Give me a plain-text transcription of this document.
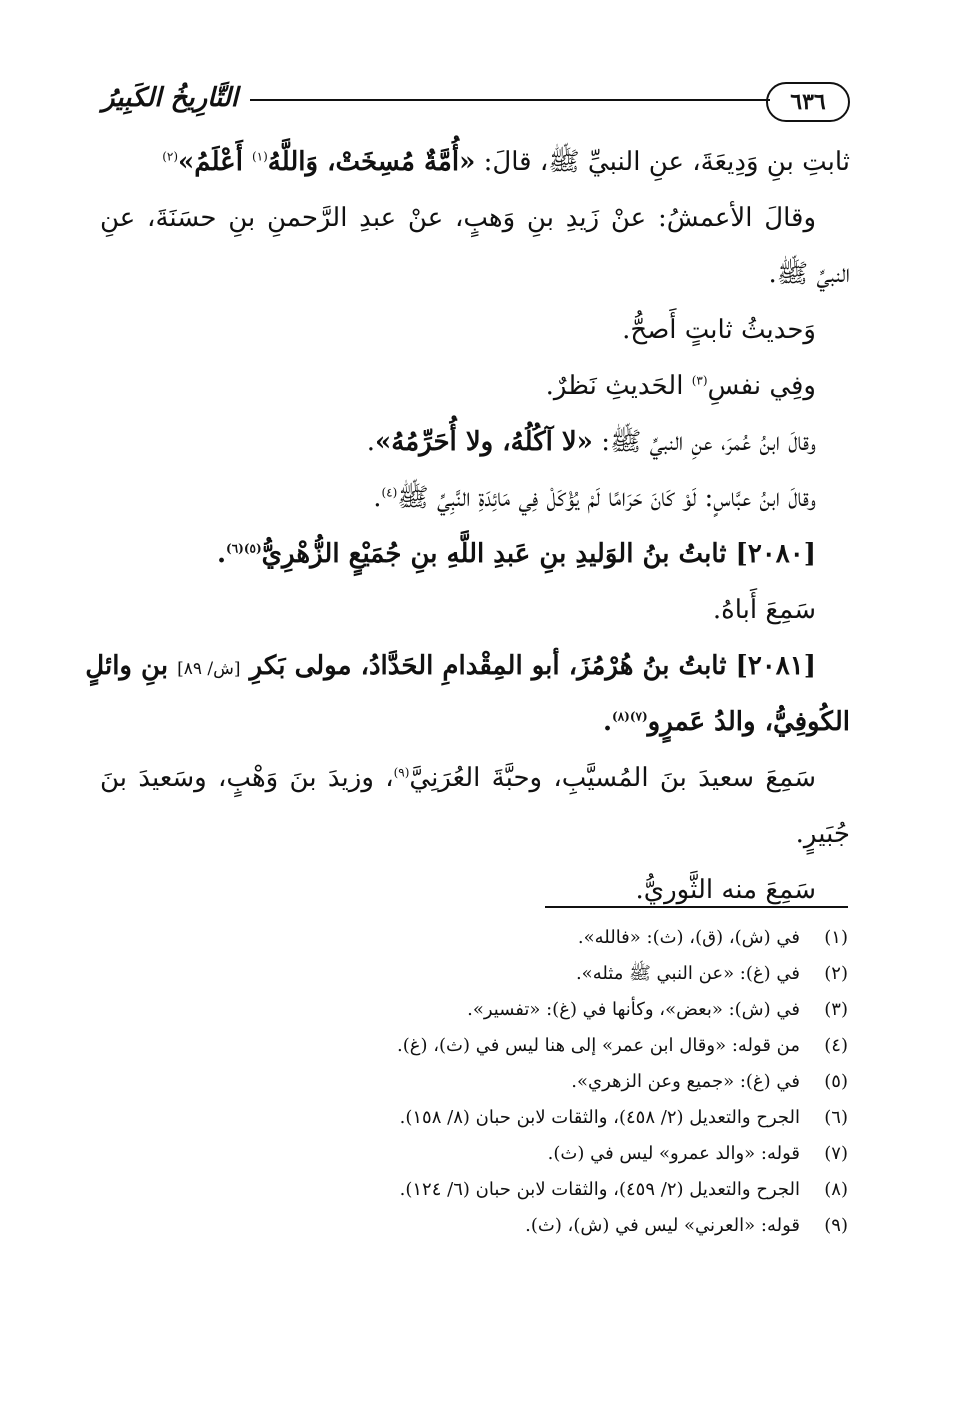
٦٣٦
التَّارِيخُ الكَبِيرُ
ثابتِ بنِ وَدِيعَةَ، عنِ النبيِّ ﷺ، قالَ: «أُمَّةٌ مُسِخَتْ، وَاللَّهُ$^{(١)}$ أَعْلَمُ»$^{(٢)}$
وقالَ الأعمشُ: عنْ زَيدِ بنِ وَهبٍ، عنْ عبدِ الرَّحمنِ بنِ حسَنَةَ، عنِ
النبيِّ ﷺ.
وَحديثُ ثابتٍ أَصحُّ.
وفِي نفسِ$^{(٣)}$ الحَديثِ نَظرٌ.
وقالَ ابنُ عُمرَ، عنِ النبيِّ ﷺ: «لا آكُلُهُ، ولا أُحَرِّمُهُ».
وقالَ ابنُ عبَّاسٍ: لَوْ كَانَ حَرَامًا لَمْ يُؤْكَلْ فِي مَائِدَةِ النَّبِيِّ ﷺ$^{(٤)}$.
[٢٠٨٠] ثابتُ بنُ الوَليدِ بنِ عَبدِ اللَّهِ بنِ جُمَيْعٍ الزُّهْرِيُّ$^{(٥)(٦)}$.
سَمِعَ أَباهُ.
[٢٠٨١] ثابتُ بنُ هُرْمُزَ، أبو المِقْدامِ الحَدَّادُ، مولى بَكرِ [ش/ ٨٩] بنِ وائلٍ
الكُوفِيُّ، والدُ عَمرٍو$^{(٧)(٨)}$.
سَمِعَ سعيدَ بنَ المُسيَّبِ، وحبَّةَ العُرَنِيَّ$^{(٩)}$، وزيدَ بنَ وَهْبٍ، وسَعيدَ بنَ
جُبَيرٍ.
سَمِعَ منه الثَّوريُّ.
(١)في (ش)، (ق)، (ث): «فالله».
(٢)في (غ): «عن النبي ﷺ مثله».
(٣)في (ش): «بعض»، وكأنها في (غ): «تفسير».
(٤)من قوله: «وقال ابن عمر» إلى هنا ليس في (ث)، (غ).
(٥)في (غ): «جميع وعن الزهري».
(٦)الجرح والتعديل (٢/ ٤٥٨)، والثقات لابن حبان (٨/ ١٥٨).
(٧)قوله: «والد عمرو» ليس في (ث).
(٨)الجرح والتعديل (٢/ ٤٥٩)، والثقات لابن حبان (٦/ ١٢٤).
(٩)قوله: «العرني» ليس في (ش)، (ث).
